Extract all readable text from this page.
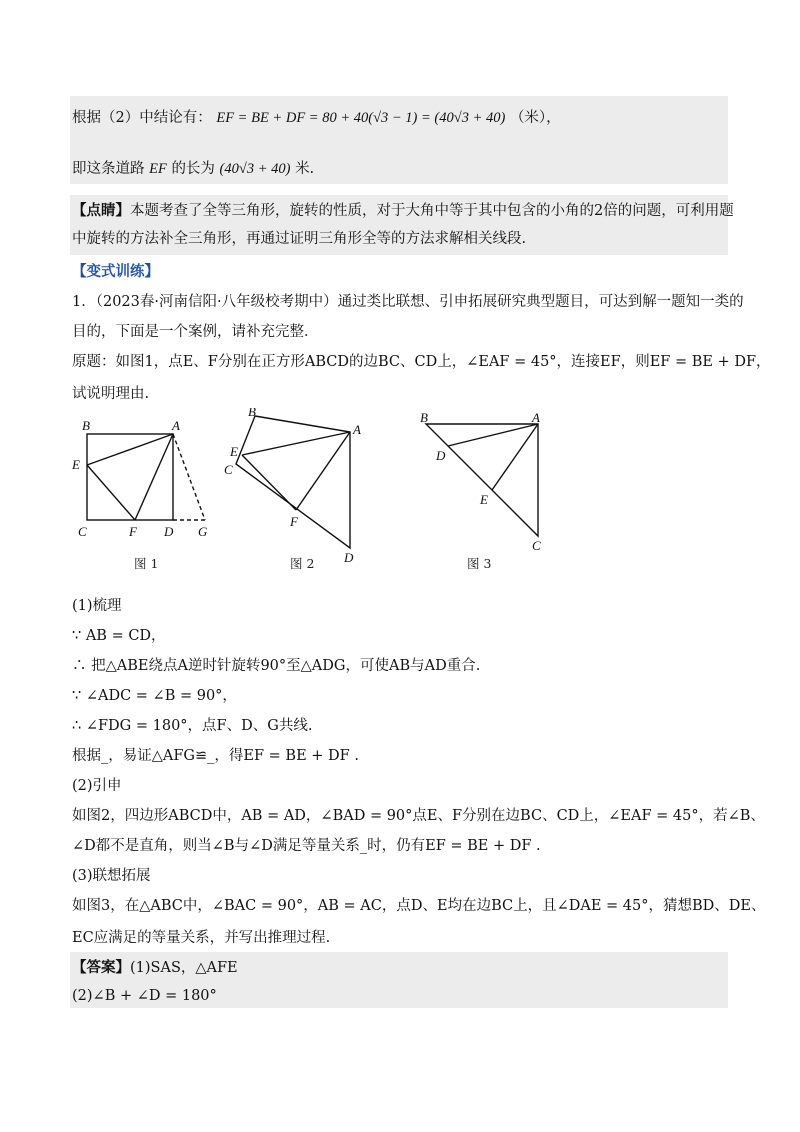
根据（2）中结论有： EF = BE + DF = 80 + 40(√3 − 1) = (40√3 + 40) （米），
即这条道路 EF 的长为 (40√3 + 40) 米.
【点睛】本题考查了全等三角形，旋转的性质，对于大角中等于其中包含的小角的2倍的问题，可利用题
中旋转的方法补全三角形，再通过证明三角形全等的方法求解相关线段.
【变式训练】
1．（2023春·河南信阳·八年级校考期中）通过类比联想、引申拓展研究典型题目，可达到解一题知一类的
目的，下面是一个案例，请补充完整．
原题：如图1，点E、F分别在正方形ABCD的边BC、CD上，∠EAF = 45°，连接EF，则EF = BE + DF，
试说明理由.
B	A
E
C	F D G
图 1
B
A
E
C
F
D
图 2
B	A
D
E
C
图 3
(1)梳理
∵ AB = CD，
∴ 把△ABE绕点A逆时针旋转90°至△ADG，可使AB与AD重合.
∵ ∠ADC = ∠B = 90°，
∴ ∠FDG = 180°，点F、D、G共线.
根据_，易证△AFG≌_，得EF = BE + DF .
(2)引申
如图2，四边形ABCD中，AB = AD，∠BAD = 90°点E、F分别在边BC、CD上，∠EAF = 45°，若∠B、
∠D都不是直角，则当∠B与∠D满足等量关系_时，仍有EF = BE + DF .
(3)联想拓展
如图3，在△ABC中，∠BAC = 90°，AB = AC，点D、E均在边BC上，且∠DAE = 45°，猜想BD、DE、
EC应满足的等量关系，并写出推理过程.
【答案】(1)SAS，△AFE
(2)∠B + ∠D = 180°
